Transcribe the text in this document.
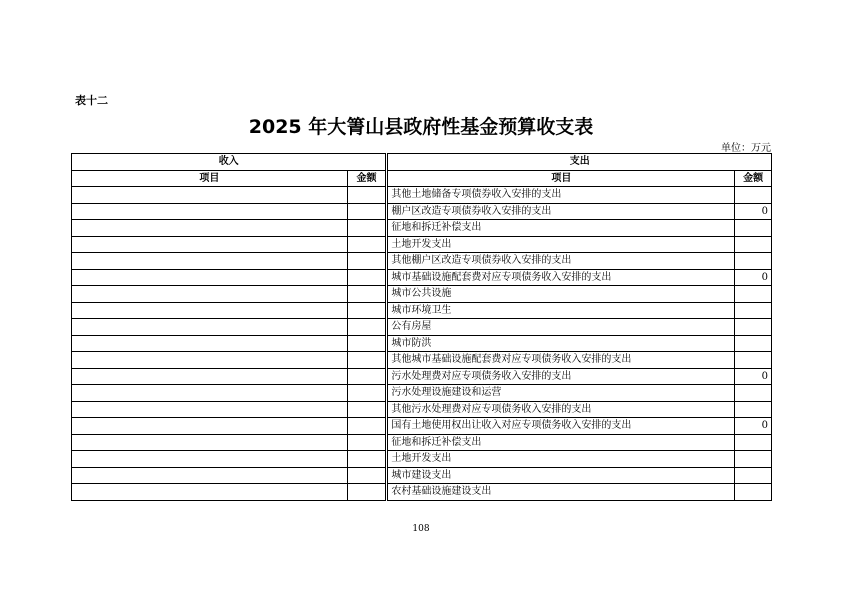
表十二
2025 年大箐山县政府性基金预算收支表
单位：万元
收入			支出	
项目	金额		项目	金额
			其他土地储备专项债券收入安排的支出	
			棚户区改造专项债券收入安排的支出	0
			征地和拆迁补偿支出	
			土地开发支出	
			其他棚户区改造专项债券收入安排的支出	
			城市基础设施配套费对应专项债务收入安排的支出	0
			城市公共设施	
			城市环境卫生	
			公有房屋	
			城市防洪	
			其他城市基础设施配套费对应专项债务收入安排的支出	
			污水处理费对应专项债务收入安排的支出	0
			污水处理设施建设和运营	
			其他污水处理费对应专项债务收入安排的支出	
			国有土地使用权出让收入对应专项债务收入安排的支出	0
			征地和拆迁补偿支出	
			土地开发支出	
			城市建设支出	
			农村基础设施建设支出	
108
